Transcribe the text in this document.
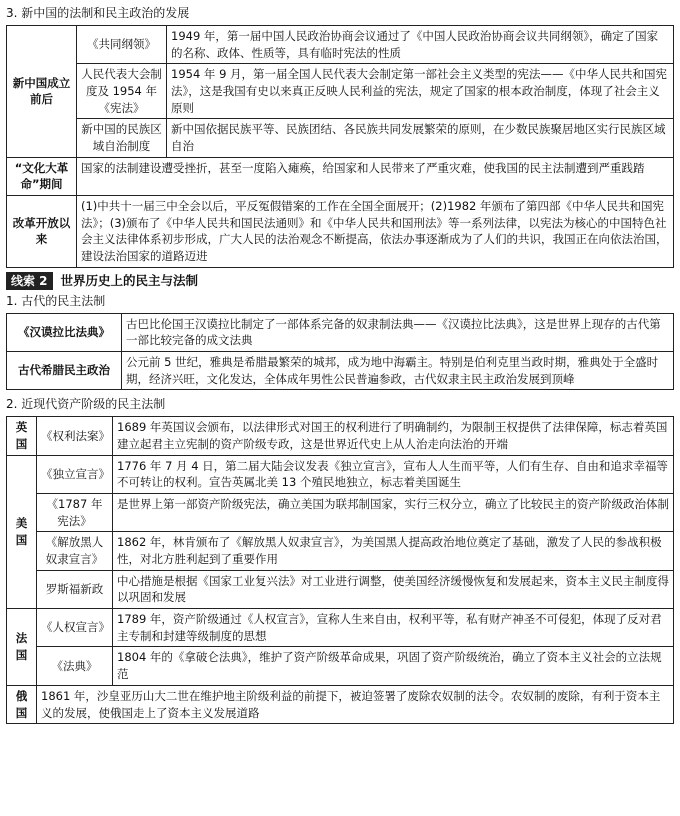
3. 新中国的法制和民主政治的发展
新中国成立前后	《共同纲领》	1949 年，第一届中国人民政治协商会议通过了《中国人民政治协商会议共同纲领》，确定了国家的名称、政体、性质等，具有临时宪法的性质
	人民代表大会制度及 1954 年《宪法》	1954 年 9 月，第一届全国人民代表大会制定第一部社会主义类型的宪法——《中华人民共和国宪法》，这是我国有史以来真正反映人民利益的宪法，规定了国家的根本政治制度，体现了社会主义原则
	新中国的民族区域自治制度	新中国依据民族平等、民族团结、各民族共同发展繁荣的原则，在少数民族聚居地区实行民族区域自治
“文化大革命”期间	国家的法制建设遭受挫折，甚至一度陷入瘫痪，给国家和人民带来了严重灾难，使我国的民主法制遭到严重践踏	
改革开放以来	(1)中共十一届三中全会以后，平反冤假错案的工作在全国全面展开；(2)1982 年颁布了第四部《中华人民共和国宪法》；(3)颁布了《中华人民共和国民法通则》和《中华人民共和国刑法》等一系列法律，以宪法为核心的中国特色社会主义法律体系初步形成，广大人民的法治观念不断提高，依法办事逐渐成为了人们的共识，我国正在向依法治国，建设法治国家的道路迈进	
线索 2	世界历史上的民主与法制
1. 古代的民主法制
《汉谟拉比法典》	古巴比伦国王汉谟拉比制定了一部体系完备的奴隶制法典——《汉谟拉比法典》，这是世界上现存的古代第一部比较完备的成文法典
古代希腊民主政治	公元前 5 世纪，雅典是希腊最繁荣的城邦，成为地中海霸主。特别是伯利克里当政时期，雅典处于全盛时期，经济兴旺，文化发达，全体成年男性公民普遍参政，古代奴隶主民主政治发展到顶峰
2. 近现代资产阶级的民主法制
英国	《权利法案》	1689 年英国议会颁布，以法律形式对国王的权利进行了明确制约，为限制王权提供了法律保障，标志着英国建立起君主立宪制的资产阶级专政，这是世界近代史上从人治走向法治的开端
美国	《独立宣言》	1776 年 7 月 4 日，第二届大陆会议发表《独立宣言》，宣布人人生而平等，人们有生存、自由和追求幸福等不可转让的权利。宣告英属北美 13 个殖民地独立，标志着美国诞生
	《1787 年宪法》	是世界上第一部资产阶级宪法，确立美国为联邦制国家，实行三权分立，确立了比较民主的资产阶级政治体制
	《解放黑人奴隶宣言》	1862 年，林肯颁布了《解放黑人奴隶宣言》，为美国黑人提高政治地位奠定了基础，激发了人民的参战积极性，对北方胜利起到了重要作用
	罗斯福新政	中心措施是根据《国家工业复兴法》对工业进行调整，使美国经济缓慢恢复和发展起来，资本主义民主制度得以巩固和发展
法国	《人权宣言》	1789 年，资产阶级通过《人权宣言》，宣称人生来自由，权利平等，私有财产神圣不可侵犯，体现了反对君主专制和封建等级制度的思想
	《法典》	1804 年的《拿破仑法典》，维护了资产阶级革命成果，巩固了资产阶级统治，确立了资本主义社会的立法规范
俄国	1861 年，沙皇亚历山大二世在维护地主阶级利益的前提下，被迫签署了废除农奴制的法令。农奴制的废除，有利于资本主义的发展，使俄国走上了资本主义发展道路	
